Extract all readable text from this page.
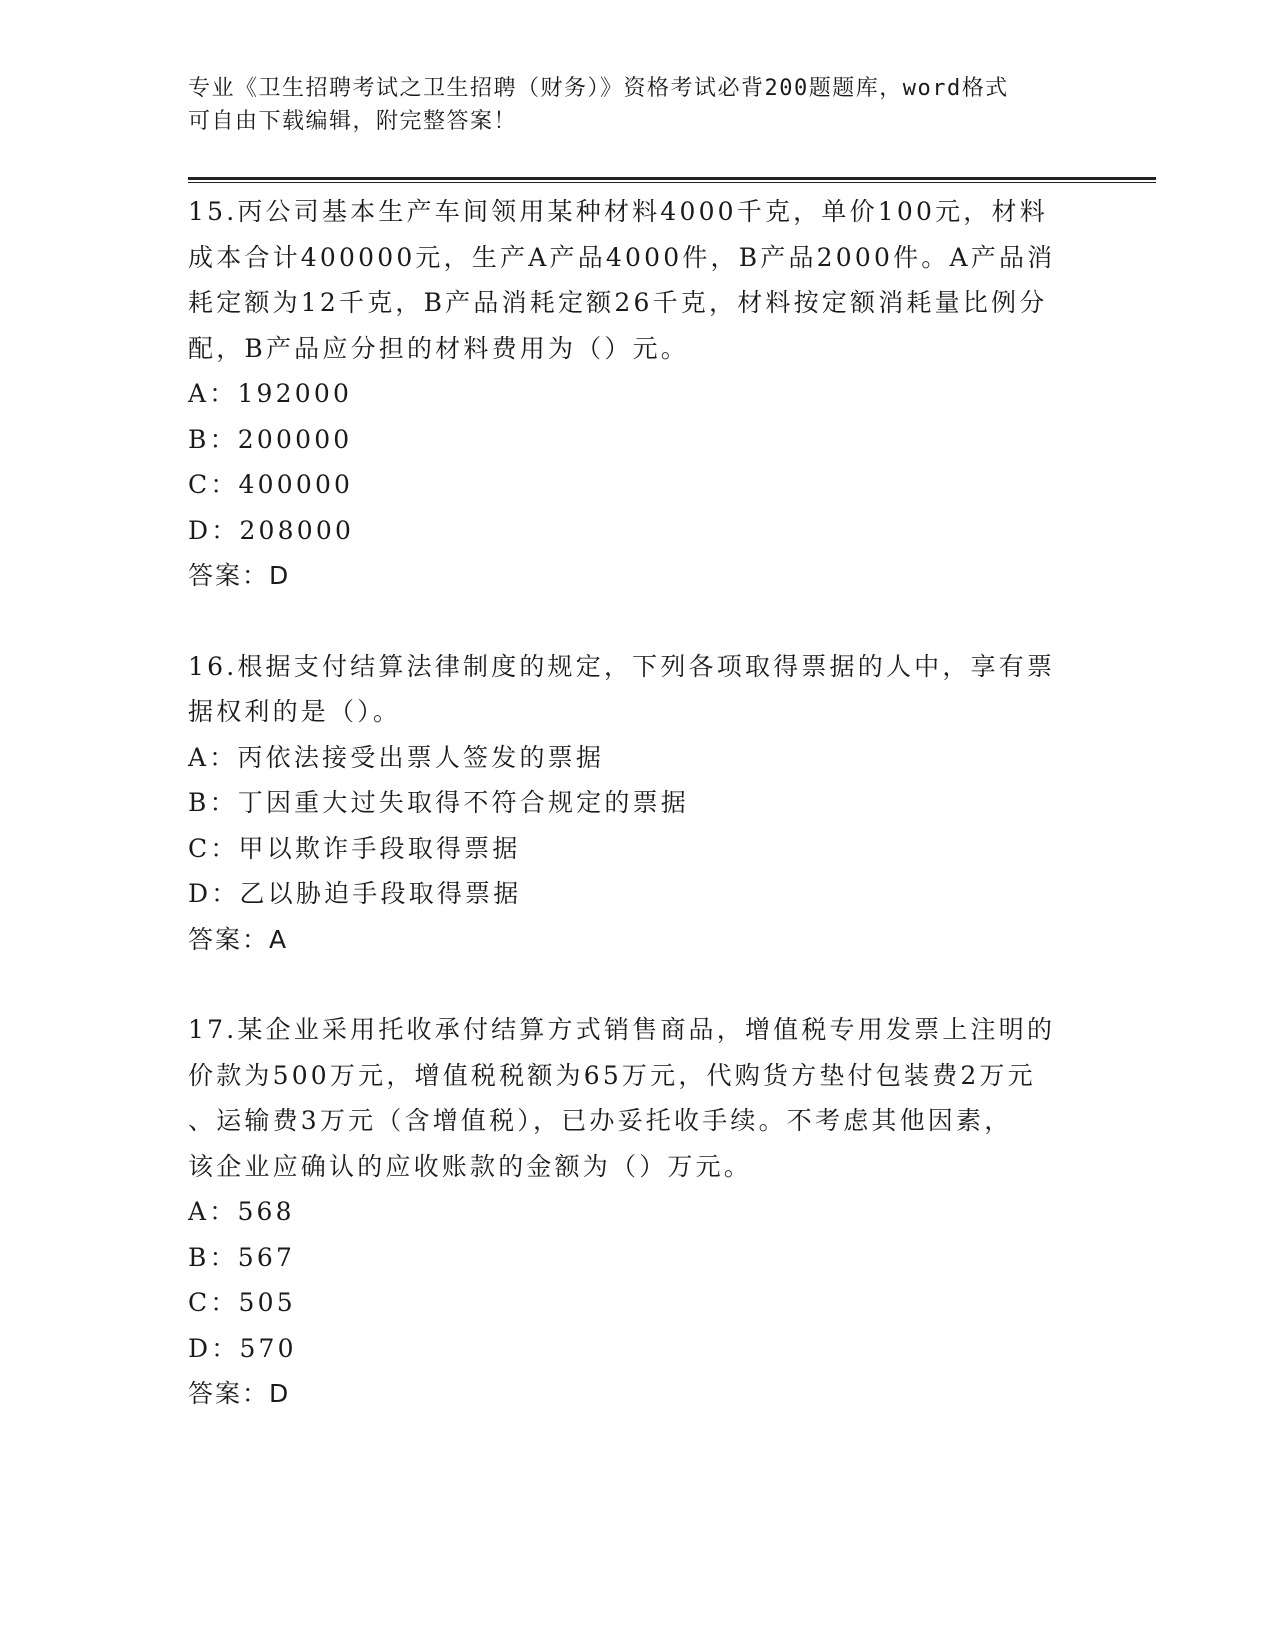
专业《卫生招聘考试之卫生招聘（财务）》资格考试必背200题题库，word格式
可自由下载编辑，附完整答案！
15.丙公司基本生产车间领用某种材料4000千克，单价100元，材料
成本合计400000元，生产A产品4000件，B产品2000件。A产品消
耗定额为12千克，B产品消耗定额26千克，材料按定额消耗量比例分
配，B产品应分担的材料费用为（）元。
A：192000
B：200000
C：400000
D：208000
答案：D
16.根据支付结算法律制度的规定，下列各项取得票据的人中，享有票
据权利的是（）。
A：丙依法接受出票人签发的票据
B：丁因重大过失取得不符合规定的票据
C：甲以欺诈手段取得票据
D：乙以胁迫手段取得票据
答案：A
17.某企业采用托收承付结算方式销售商品，增值税专用发票上注明的
价款为500万元，增值税税额为65万元，代购货方垫付包装费2万元
、运输费3万元（含增值税），已办妥托收手续。不考虑其他因素，
该企业应确认的应收账款的金额为（）万元。
A：568
B：567
C：505
D：570
答案：D
